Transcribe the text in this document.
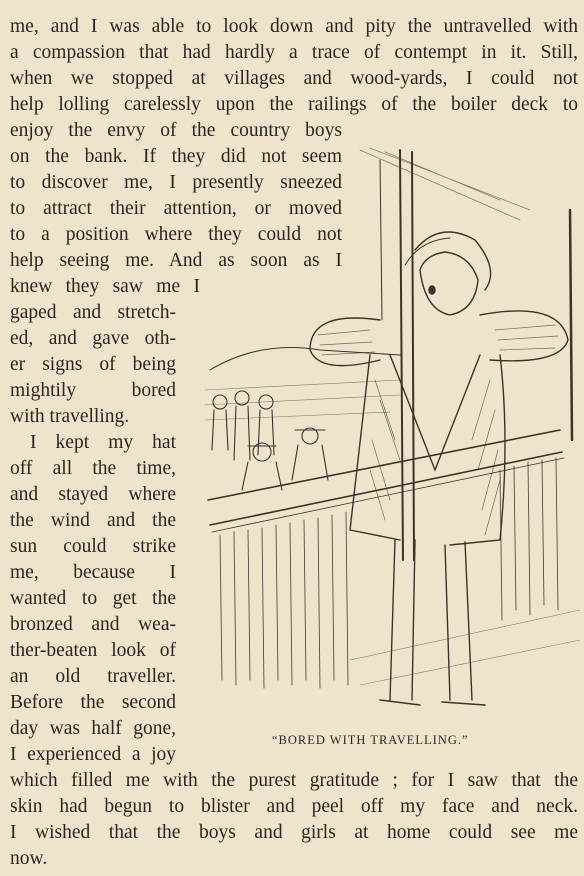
me, and I was able to look down and pity the untravelled with
a compassion that had hardly a trace of contempt in it. Still,
when we stopped at villages and wood-yards, I could not
help lolling carelessly upon the railings of the boiler deck to
enjoy the envy of the country boys
on the bank. If they did not seem
to discover me, I presently sneezed
to attract their attention, or moved
to a position where they could not
help seeing me. And as soon as I
knew they saw me I
gaped and stretch-
ed, and gave oth-
er signs of being
mightily bored
with travelling.
I kept my hat
off all the time,
and stayed where
the wind and the
sun could strike
me, because I
wanted to get the
bronzed and wea-
ther-beaten look of
an old traveller.
Before the second
day was half gone,
I experienced a joy
which filled me with the purest gratitude ; for I saw that the
skin had begun to blister and peel off my face and neck.
I wished that the boys and girls at home could see me
now.
“BORED WITH TRAVELLING.”
